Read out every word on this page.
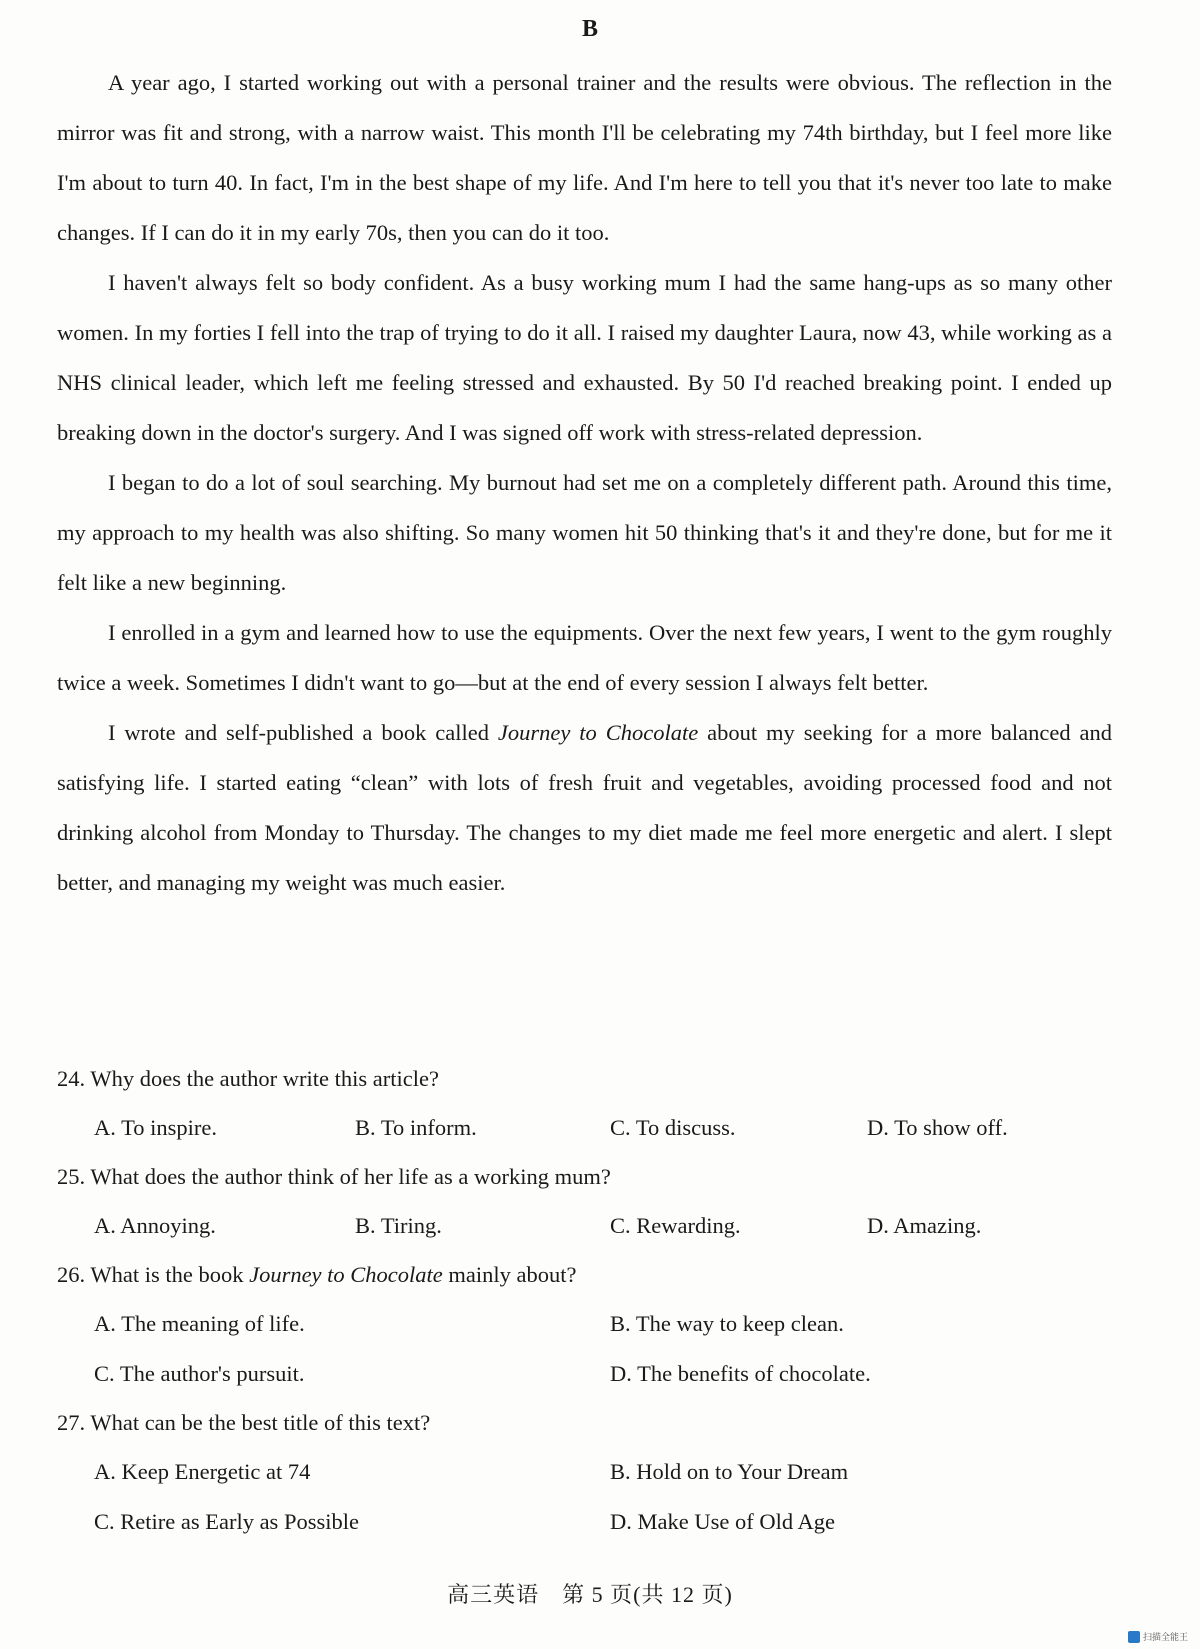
B

A year ago, I started working out with a personal trainer and the results were obvious. The reflection in the mirror was fit and strong, with a narrow waist. This month I'll be celebrating my 74th birthday, but I feel more like I'm about to turn 40. In fact, I'm in the best shape of my life. And I'm here to tell you that it's never too late to make changes. If I can do it in my early 70s, then you can do it too.

I haven't always felt so body confident. As a busy working mum I had the same hang-ups as so many other women. In my forties I fell into the trap of trying to do it all. I raised my daughter Laura, now 43, while working as a NHS clinical leader, which left me feeling stressed and exhausted. By 50 I'd reached breaking point. I ended up breaking down in the doctor's surgery. And I was signed off work with stress-related depression.

I began to do a lot of soul searching. My burnout had set me on a completely different path. Around this time, my approach to my health was also shifting. So many women hit 50 thinking that's it and they're done, but for me it felt like a new beginning.

I enrolled in a gym and learned how to use the equipments. Over the next few years, I went to the gym roughly twice a week. Sometimes I didn't want to go—but at the end of every session I always felt better.

I wrote and self-published a book called Journey to Chocolate about my seeking for a more balanced and satisfying life. I started eating “clean” with lots of fresh fruit and vegetables, avoiding processed food and not drinking alcohol from Monday to Thursday. The changes to my diet made me feel more energetic and alert. I slept better, and managing my weight was much easier.

24. Why does the author write this article?
A. To inspire.	B. To inform.	C. To discuss.	D. To show off.
25. What does the author think of her life as a working mum?
A. Annoying.	B. Tiring.	C. Rewarding.	D. Amazing.
26. What is the book Journey to Chocolate mainly about?
A. The meaning of life.	B. The way to keep clean.
C. The author's pursuit.	D. The benefits of chocolate.
27. What can be the best title of this text?
A. Keep Energetic at 74	B. Hold on to Your Dream
C. Retire as Early as Possible	D. Make Use of Old Age
高三英语　第 5 页(共 12 页)
扫描全能王
